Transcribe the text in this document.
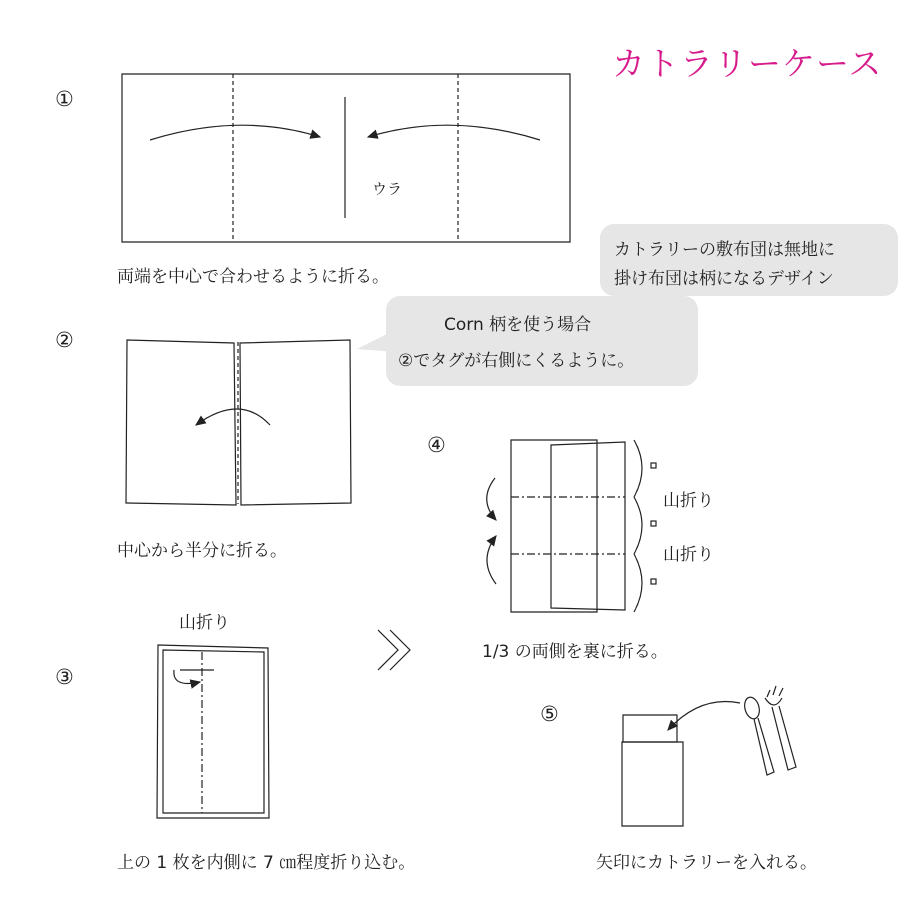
カトラリーケース
①
②
③
④
⑤
ウラ
山折り
山折り
山折り
両端を中心で合わせるように折る。
中心から半分に折る。
上の 1 枚を内側に 7 ㎝程度折り込む。
1/3 の両側を裏に折る。
矢印にカトラリーを入れる。
カトラリーの敷布団は無地に
掛け布団は柄になるデザイン
Corn 柄を使う場合
②でタグが右側にくるように。
